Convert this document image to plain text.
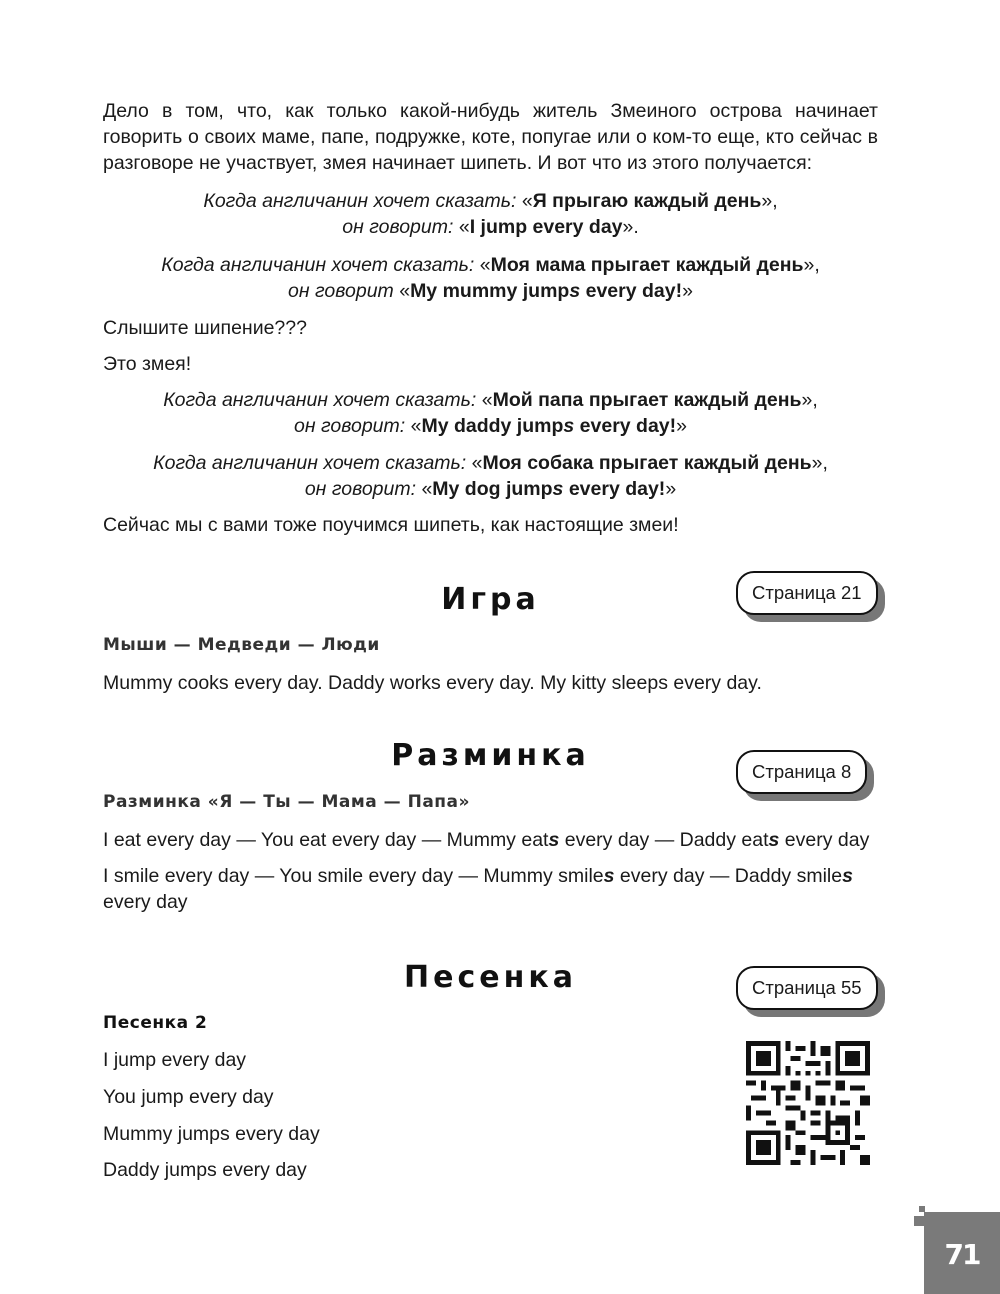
Дело в том, что, как только какой-нибудь житель Змеиного острова начинает говорить о своих маме, папе, подружке, коте, попугае или о ком-то еще, кто сейчас в разговоре не участвует, змея начинает шипеть. И вот что из этого получается:

Когда англичанин хочет сказать: «Я прыгаю каждый день»,
он говорит: «I jump every day».

Когда англичанин хочет сказать: «Моя мама прыгает каждый день»,
он говорит «My mummy jumps every day!»

Слышите шипение???

Это змея!

Когда англичанин хочет сказать: «Мой папа прыгает каждый день»,
он говорит: «My daddy jumps every day!»

Когда англичанин хочет сказать: «Моя собака прыгает каждый день»,
он говорит: «My dog jumps every day!»

Сейчас мы с вами тоже поучимся шипеть, как настоящие змеи!

Игра	Страница 21
Мыши — Медведи — Люди

Mummy cooks every day. Daddy works every day. My kitty sleeps every day.

Разминка	Страница 8
Разминка «Я — Ты — Мама — Папа»

I eat every day — You eat every day — Mummy eats every day — Daddy eats every day

I smile every day — You smile every day — Mummy smiles every day — Daddy smiles
every day

Песенка	Страница 55
Песенка 2

I jump every day

You jump every day

Mummy jumps every day

Daddy jumps every day

71
